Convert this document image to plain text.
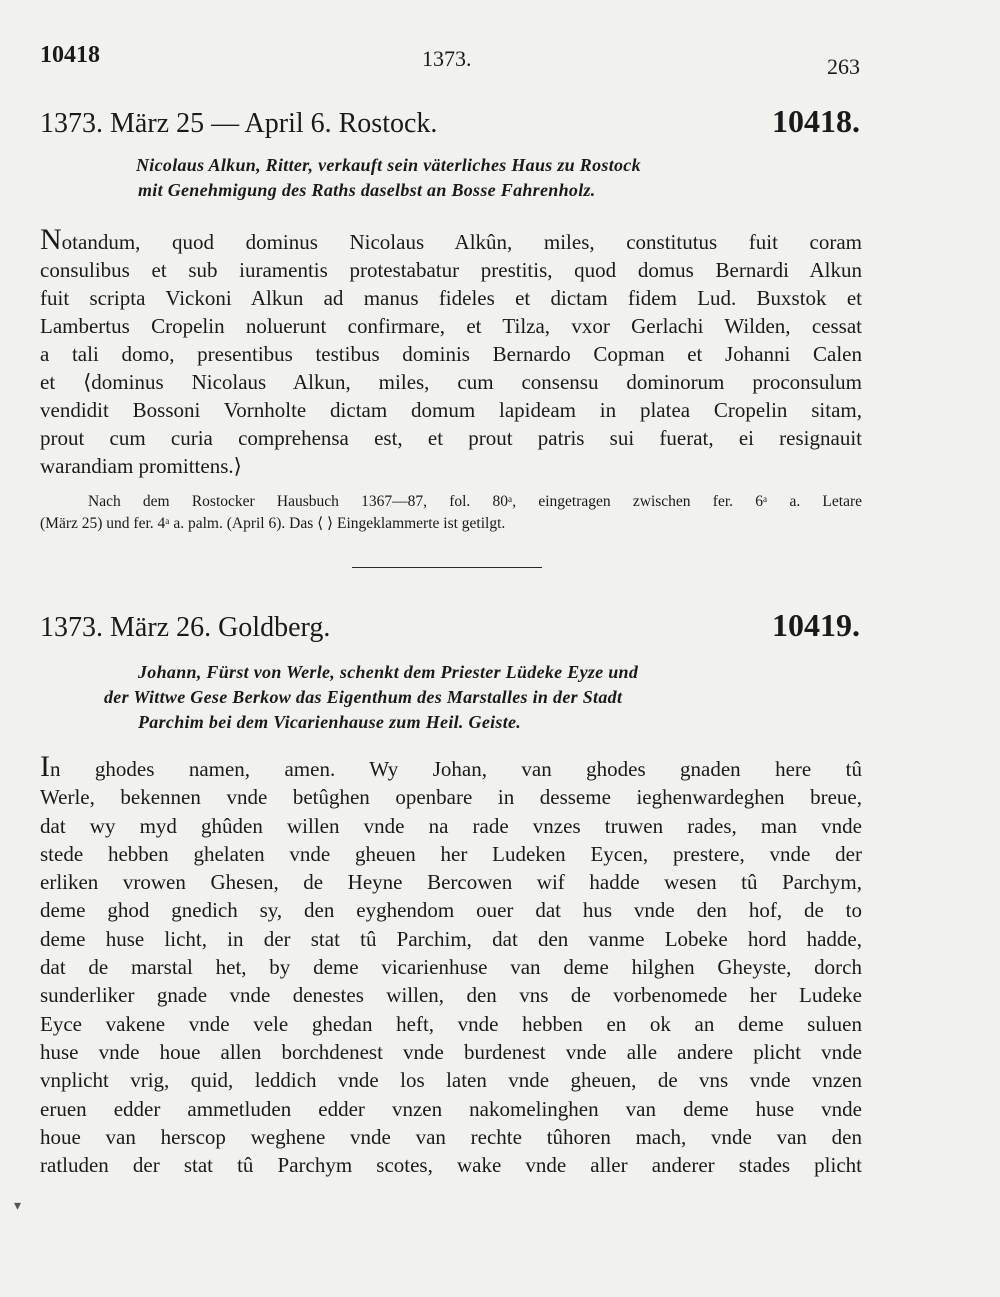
10418	1373.	263
1373. März 25 — April 6. Rostock.	10418.
Nicolaus Alkun, Ritter, verkauft sein väterliches Haus zu Rostock
mit Genehmigung des Raths daselbst an Bosse Fahrenholz.
Notandum, quod dominus Nicolaus Alkûn, miles, constitutus fuit coram
consulibus et sub iuramentis protestabatur prestitis, quod domus Bernardi Alkun
fuit scripta Vickoni Alkun ad manus fideles et dictam fidem Lud. Buxstok et
Lambertus Cropelin noluerunt confirmare, et Tilza, vxor Gerlachi Wilden, cessat
a tali domo, presentibus testibus dominis Bernardo Copman et Johanni Calen
et ⟨dominus Nicolaus Alkun, miles, cum consensu dominorum proconsulum
vendidit Bossoni Vornholte dictam domum lapideam in platea Cropelin sitam,
prout cum curia comprehensa est, et prout patris sui fuerat, ei resignauit
warandiam promittens.⟩
Nach dem Rostocker Hausbuch 1367—87, fol. 80ᵃ, eingetragen zwischen fer. 6ᵃ a. Letare
(März 25) und fer. 4ᵃ a. palm. (April 6). Das ⟨ ⟩ Eingeklammerte ist getilgt.
1373. März 26. Goldberg.	10419.
Johann, Fürst von Werle, schenkt dem Priester Lüdeke Eyze und
der Wittwe Gese Berkow das Eigenthum des Marstalles in der Stadt
Parchim bei dem Vicarienhause zum Heil. Geiste.
In ghodes namen, amen. Wy Johan, van ghodes gnaden here tû
Werle, bekennen vnde betûghen openbare in desseme ieghenwardeghen breue,
dat wy myd ghûden willen vnde na rade vnzes truwen rades, man vnde
stede hebben ghelaten vnde gheuen her Ludeken Eycen, prestere, vnde der
erliken vrowen Ghesen, de Heyne Bercowen wif hadde wesen tû Parchym,
deme ghod gnedich sy, den eyghendom ouer dat hus vnde den hof, de to
deme huse licht, in der stat tû Parchim, dat den vanme Lobeke hord hadde,
dat de marstal het, by deme vicarienhuse van deme hilghen Gheyste, dorch
sunderliker gnade vnde denestes willen, den vns de vorbenomede her Ludeke
Eyce vakene vnde vele ghedan heft, vnde hebben en ok an deme suluen
huse vnde houe allen borchdenest vnde burdenest vnde alle andere plicht vnde
vnplicht vrig, quid, leddich vnde los laten vnde gheuen, de vns vnde vnzen
eruen edder ammetluden edder vnzen nakomelinghen van deme huse vnde
houe van herscop weghene vnde van rechte tûhoren mach, vnde van den
ratluden der stat tû Parchym scotes, wake vnde aller anderer stades plicht
▾
